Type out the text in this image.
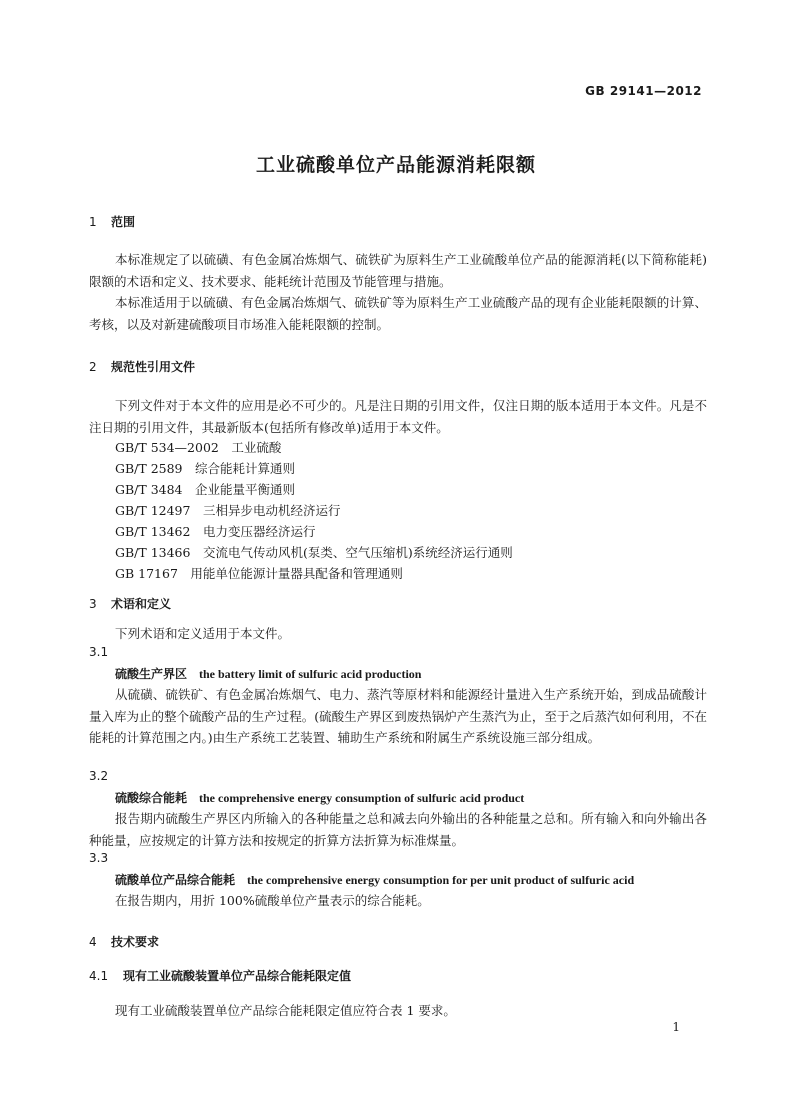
GB 29141—2012
工业硫酸单位产品能源消耗限额
1 范围
本标准规定了以硫磺、有色金属冶炼烟气、硫铁矿为原料生产工业硫酸单位产品的能源消耗(以下简称能耗)限额的术语和定义、技术要求、能耗统计范围及节能管理与措施。
本标准适用于以硫磺、有色金属冶炼烟气、硫铁矿等为原料生产工业硫酸产品的现有企业能耗限额的计算、考核，以及对新建硫酸项目市场准入能耗限额的控制。
2 规范性引用文件
下列文件对于本文件的应用是必不可少的。凡是注日期的引用文件，仅注日期的版本适用于本文件。凡是不注日期的引用文件，其最新版本(包括所有修改单)适用于本文件。
GB/T 534—2002　工业硫酸
GB/T 2589　综合能耗计算通则
GB/T 3484　企业能量平衡通则
GB/T 12497　三相异步电动机经济运行
GB/T 13462　电力变压器经济运行
GB/T 13466　交流电气传动风机(泵类、空气压缩机)系统经济运行通则
GB 17167　用能单位能源计量器具配备和管理通则
3 术语和定义
下列术语和定义适用于本文件。
3.1
硫酸生产界区 the battery limit of sulfuric acid production
从硫磺、硫铁矿、有色金属冶炼烟气、电力、蒸汽等原材料和能源经计量进入生产系统开始，到成品硫酸计量入库为止的整个硫酸产品的生产过程。(硫酸生产界区到废热锅炉产生蒸汽为止，至于之后蒸汽如何利用，不在能耗的计算范围之内。)由生产系统工艺装置、辅助生产系统和附属生产系统设施三部分组成。
3.2
硫酸综合能耗 the comprehensive energy consumption of sulfuric acid product
报告期内硫酸生产界区内所输入的各种能量之总和减去向外输出的各种能量之总和。所有输入和向外输出各种能量，应按规定的计算方法和按规定的折算方法折算为标准煤量。
3.3
硫酸单位产品综合能耗 the comprehensive energy consumption for per unit product of sulfuric acid
在报告期内，用折 100%硫酸单位产量表示的综合能耗。
4 技术要求
4.1 现有工业硫酸装置单位产品综合能耗限定值
现有工业硫酸装置单位产品综合能耗限定值应符合表 1 要求。
1
